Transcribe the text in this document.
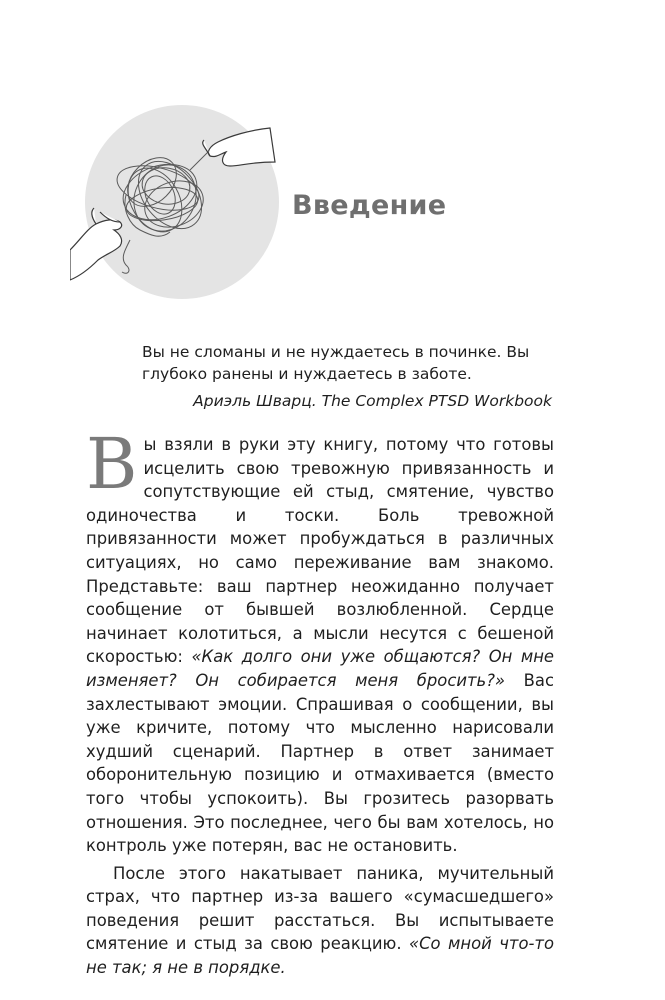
Введение

Вы не сломаны и не нуждаетесь в починке. Вы глубоко ранены и нуждаетесь в заботе.

Ариэль Шварц. The Complex PTSD Workbook

Вы взяли в руки эту книгу, потому что готовы исцелить свою тревожную привязанность и сопутствующие ей стыд, смятение, чувство одиночества и тоски. Боль тревожной привязанности может пробуждаться в различных ситуациях, но само переживание вам знакомо. Представьте: ваш партнер неожиданно получает сообщение от бывшей возлюбленной. Сердце начинает колотиться, а мысли несутся с бешеной скоростью: «Как долго они уже общаются? Он мне изменяет? Он собирается меня бросить?» Вас захлестывают эмоции. Спрашивая о сообщении, вы уже кричите, потому что мысленно нарисовали худший сценарий. Партнер в ответ занимает оборонительную позицию и отмахивается (вместо того чтобы успокоить). Вы грозитесь разорвать отношения. Это последнее, чего бы вам хотелось, но контроль уже потерян, вас не остановить.

После этого накатывает паника, мучительный страх, что партнер из-за вашего «сумасшедшего» поведения решит расстаться. Вы испытываете смятение и стыд за свою реакцию. «Со мной что-то не так; я не в порядке.
